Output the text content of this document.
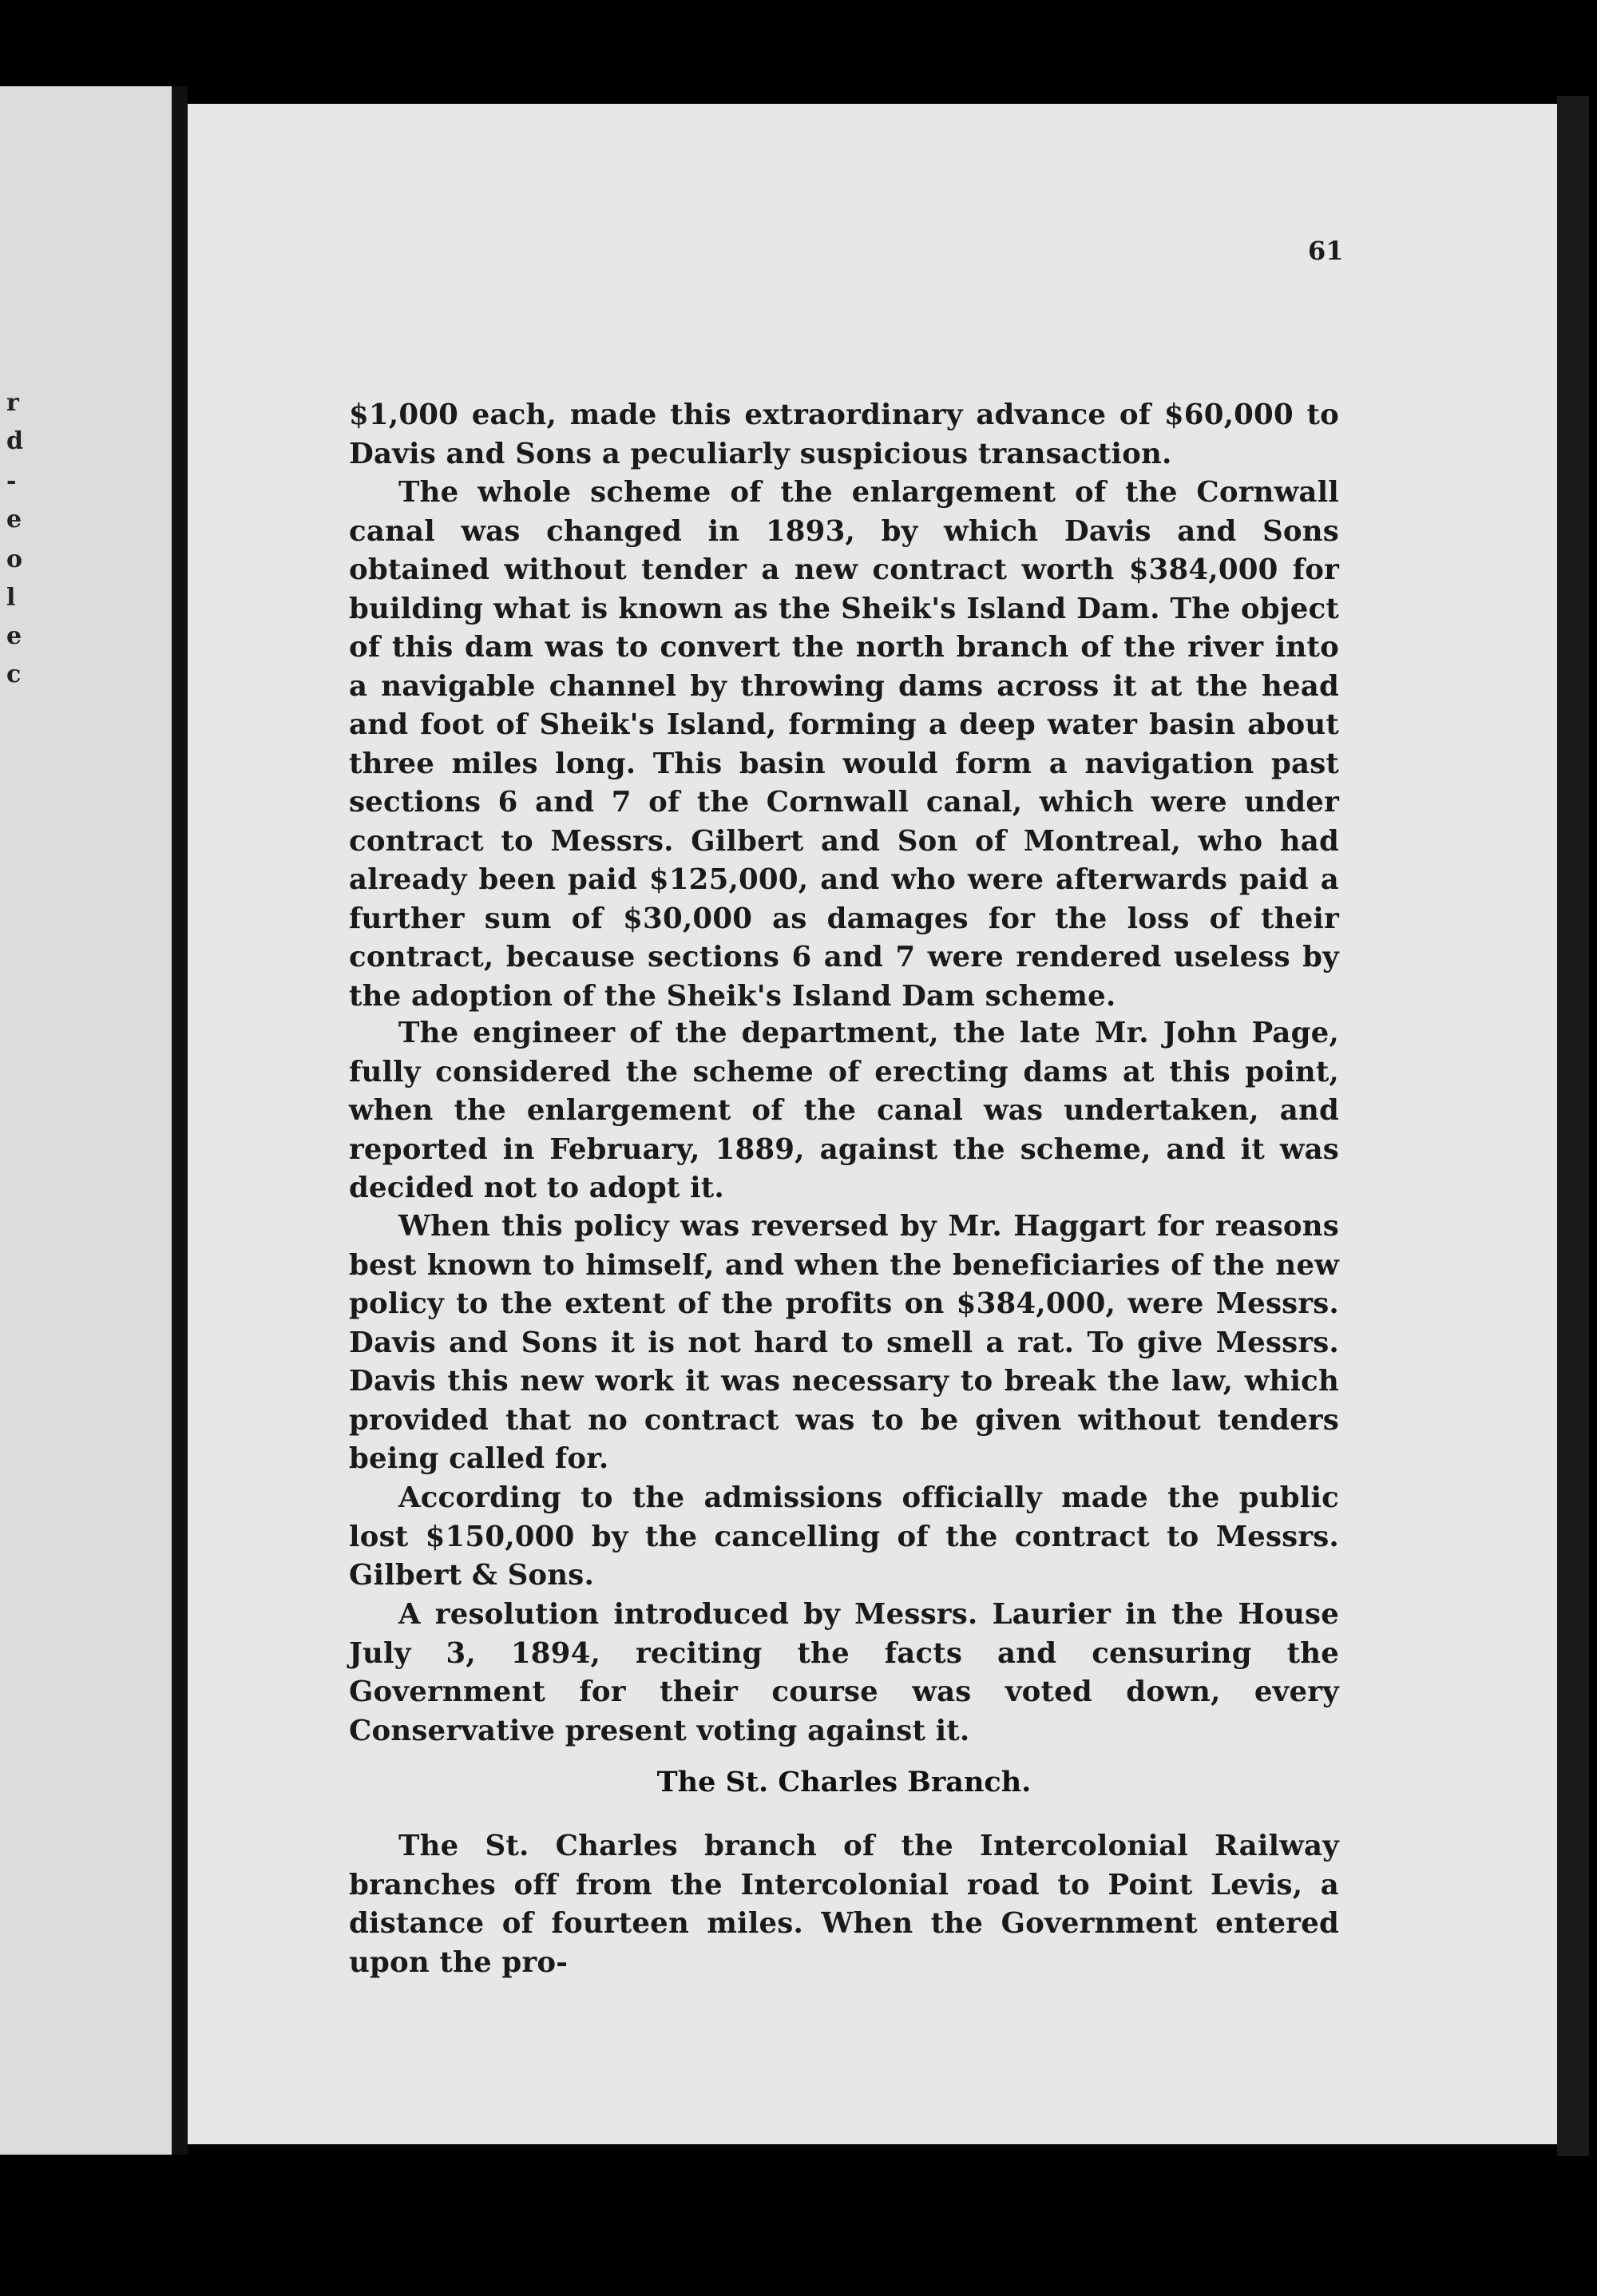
r
d
-
e
o
l
e
c

61

$1,000 each, made this extraordinary advance of $60,000 to Davis and Sons a peculiarly suspicious transaction.

The whole scheme of the enlargement of the Cornwall canal was changed in 1893, by which Davis and Sons obtained without tender a new contract worth $384,000 for building what is known as the Sheik's Island Dam. The object of this dam was to convert the north branch of the river into a navigable channel by throwing dams across it at the head and foot of Sheik's Island, forming a deep water basin about three miles long. This basin would form a navigation past sections 6 and 7 of the Cornwall canal, which were under contract to Messrs. Gilbert and Son of Montreal, who had already been paid $125,000, and who were afterwards paid a further sum of $30,000 as damages for the loss of their contract, because sections 6 and 7 were rendered useless by the adoption of the Sheik's Island Dam scheme.

The engineer of the department, the late Mr. John Page, fully considered the scheme of erecting dams at this point, when the enlargement of the canal was undertaken, and reported in February, 1889, against the scheme, and it was decided not to adopt it.

When this policy was reversed by Mr. Haggart for reasons best known to himself, and when the beneficiaries of the new policy to the extent of the profits on $384,000, were Messrs. Davis and Sons it is not hard to smell a rat. To give Messrs. Davis this new work it was necessary to break the law, which provided that no contract was to be given without tenders being called for.

According to the admissions officially made the public lost $150,000 by the cancelling of the contract to Messrs. Gilbert & Sons.

A resolution introduced by Messrs. Laurier in the House July 3, 1894, reciting the facts and censuring the Government for their course was voted down, every Conservative present voting against it.

The St. Charles Branch.

The St. Charles branch of the Intercolonial Railway branches off from the Intercolonial road to Point Levis, a distance of fourteen miles. When the Government entered upon the pro-
